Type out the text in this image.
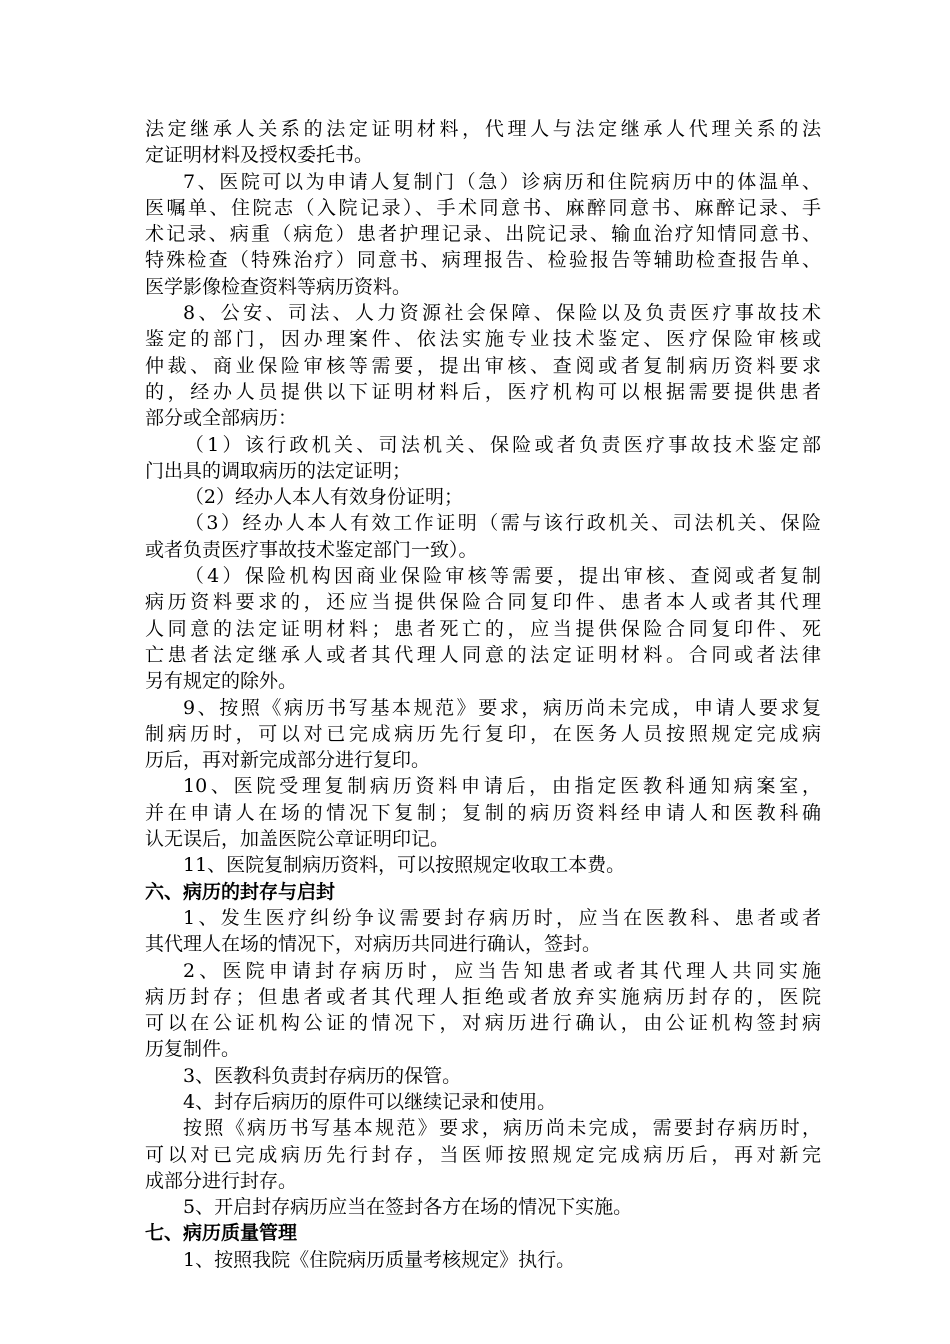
法定继承人关系的法定证明材料，代理人与法定继承人代理关系的法
定证明材料及授权委托书。
7、医院可以为申请人复制门（急）诊病历和住院病历中的体温单、
医嘱单、住院志（入院记录）、手术同意书、麻醉同意书、麻醉记录、手
术记录、病重（病危）患者护理记录、出院记录、输血治疗知情同意书、
特殊检查（特殊治疗）同意书、病理报告、检验报告等辅助检查报告单、
医学影像检查资料等病历资料。
8、公安、司法、人力资源社会保障、保险以及负责医疗事故技术
鉴定的部门，因办理案件、依法实施专业技术鉴定、医疗保险审核或
仲裁、商业保险审核等需要，提出审核、查阅或者复制病历资料要求
的，经办人员提供以下证明材料后，医疗机构可以根据需要提供患者
部分或全部病历：
（1）该行政机关、司法机关、保险或者负责医疗事故技术鉴定部
门出具的调取病历的法定证明；
（2）经办人本人有效身份证明；
（3）经办人本人有效工作证明（需与该行政机关、司法机关、保险
或者负责医疗事故技术鉴定部门一致）。
（4）保险机构因商业保险审核等需要，提出审核、查阅或者复制
病历资料要求的，还应当提供保险合同复印件、患者本人或者其代理
人同意的法定证明材料；患者死亡的，应当提供保险合同复印件、死
亡患者法定继承人或者其代理人同意的法定证明材料。合同或者法律
另有规定的除外。
9、按照《病历书写基本规范》要求，病历尚未完成，申请人要求复
制病历时，可以对已完成病历先行复印，在医务人员按照规定完成病
历后，再对新完成部分进行复印。
10、医院受理复制病历资料申请后，由指定医教科通知病案室，
并在申请人在场的情况下复制；复制的病历资料经申请人和医教科确
认无误后，加盖医院公章证明印记。
11、医院复制病历资料，可以按照规定收取工本费。
六、病历的封存与启封
1、发生医疗纠纷争议需要封存病历时，应当在医教科、患者或者
其代理人在场的情况下，对病历共同进行确认，签封。
2、医院申请封存病历时，应当告知患者或者其代理人共同实施
病历封存；但患者或者其代理人拒绝或者放弃实施病历封存的，医院
可以在公证机构公证的情况下，对病历进行确认，由公证机构签封病
历复制件。
3、医教科负责封存病历的保管。
4、封存后病历的原件可以继续记录和使用。
按照《病历书写基本规范》要求，病历尚未完成，需要封存病历时，
可以对已完成病历先行封存，当医师按照规定完成病历后，再对新完
成部分进行封存。
5、开启封存病历应当在签封各方在场的情况下实施。
七、病历质量管理
1、按照我院《住院病历质量考核规定》执行。
